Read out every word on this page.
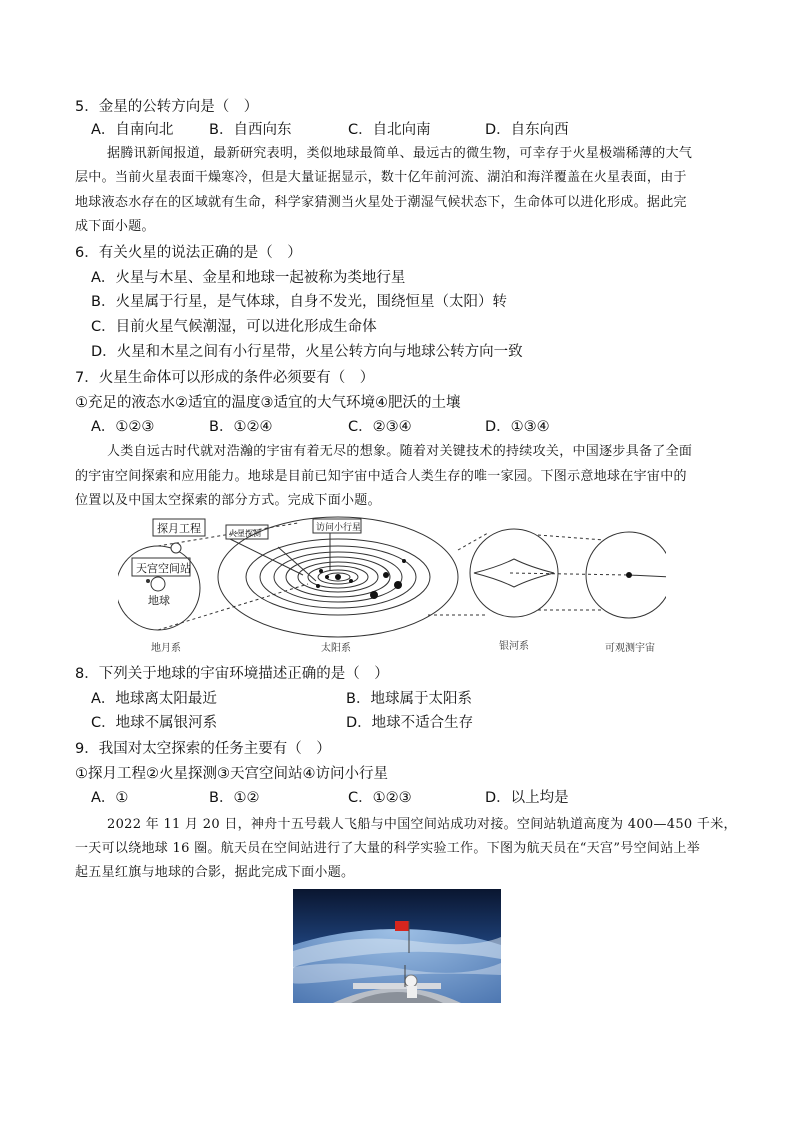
5．金星的公转方向是（　）
A．自南向北 B．自西向东	C．自北向南	D．自东向西
据腾讯新闻报道，最新研究表明，类似地球最简单、最远古的微生物，可幸存于火星极端稀薄的大气
层中。当前火星表面干燥寒冷，但是大量证据显示，数十亿年前河流、湖泊和海洋覆盖在火星表面，由于
地球液态水存在的区域就有生命，科学家猜测当火星处于潮湿气候状态下，生命体可以进化形成。据此完
成下面小题。
6．有关火星的说法正确的是（　）
A．火星与木星、金星和地球一起被称为类地行星
B．火星属于行星，是气体球，自身不发光，围绕恒星（太阳）转
C．目前火星气候潮湿，可以进化形成生命体
D．火星和木星之间有小行星带，火星公转方向与地球公转方向一致
7．火星生命体可以形成的条件必须要有（　）
①充足的液态水②适宜的温度③适宜的大气环境④肥沃的土壤
A．①②③	B．①②④	C．②③④	D．①③④
人类自远古时代就对浩瀚的宇宙有着无尽的想象。随着对关键技术的持续攻关，中国逐步具备了全面
的宇宙空间探索和应用能力。地球是目前已知宇宙中适合人类生存的唯一家园。下图示意地球在宇宙中的
位置以及中国太空探索的部分方式。完成下面小题。
探月工程
天宫空间站
地球
火星探测
访问小行星
地月系	太阳系	银河系	可观测宇宙
8．下列关于地球的宇宙环境描述正确的是（　）
A．地球离太阳最近	B．地球属于太阳系
C．地球不属银河系	D．地球不适合生存
9．我国对太空探索的任务主要有（　）
①探月工程②火星探测③天宫空间站④访问小行星
A．①	B．①②	C．①②③	D．以上均是
2022 年 11 月 20 日，神舟十五号载人飞船与中国空间站成功对接。空间站轨道高度为 400—450 千米，
一天可以绕地球 16 圈。航天员在空间站进行了大量的科学实验工作。下图为航天员在“天宫”号空间站上举
起五星红旗与地球的合影，据此完成下面小题。
